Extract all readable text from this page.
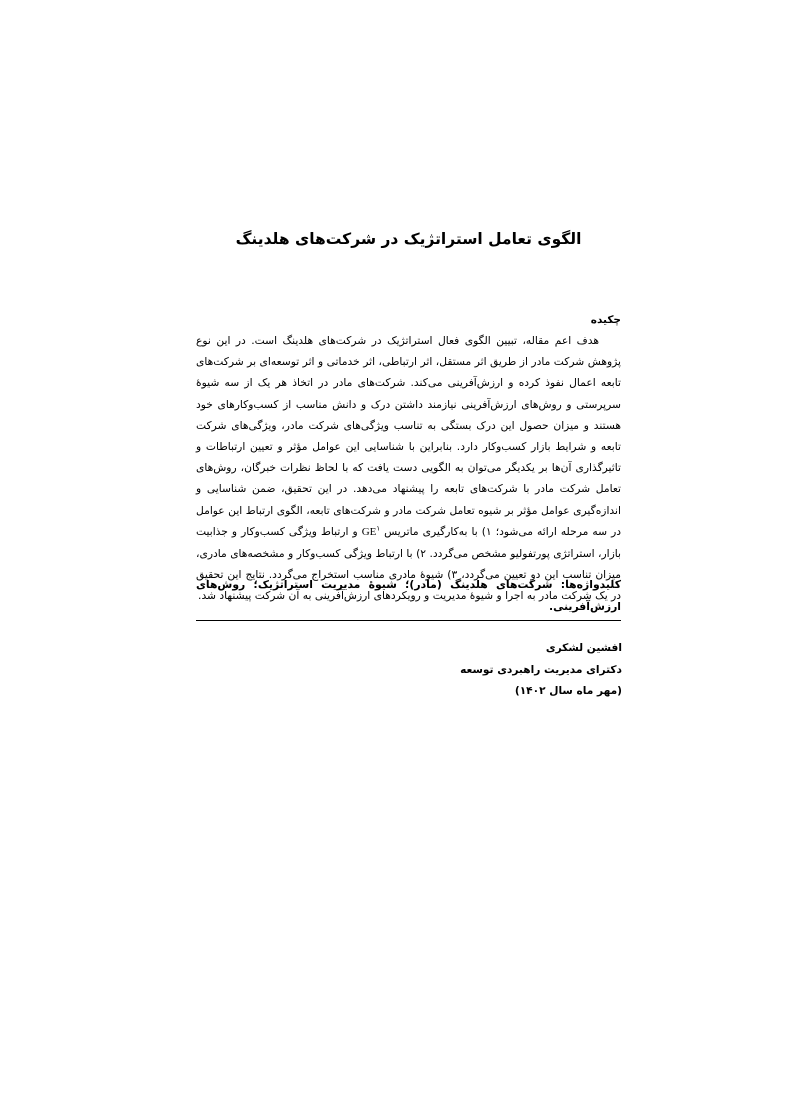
الگوی تعامل استراتژیک در شرکت‌های هلدینگ
چکیده

هدف اعم مقاله، تبیین الگوی فعال استراتژیک در شرکت‌های هلدینگ است. در این نوع پژوهش شرکت مادر از طریق اثر مستقل، اثر ارتباطی، اثر خدماتی و اثر توسعه‌ای بر شرکت‌های تابعه اعمال نفوذ کرده و ارزش‌آفرینی می‌کند. شرکت‌های مادر در اتخاذ هر یک از سه شیوهٔ سرپرستی و روش‌های ارزش‌آفرینی نیازمند داشتن درک و دانش مناسب از کسب‌وکارهای خود هستند و میزان حصول این درک بستگی به تناسب ویژگی‌های شرکت مادر، ویژگی‌های شرکت تابعه و شرایط بازار کسب‌وکار دارد. بنابراین با شناسایی این عوامل مؤثر و تعیین ارتباطات و تاثیرگذاری آن‌ها بر یکدیگر می‌توان به الگویی دست یافت که با لحاظ نظرات خبرگان، روش‌های تعامل شرکت مادر با شرکت‌های تابعه را پیشنهاد می‌دهد. در این تحقیق، ضمن شناسایی و اندازه‌گیری عوامل مؤثر بر شیوه تعامل شرکت مادر و شرکت‌های تابعه، الگوی ارتباط این عوامل در سه مرحله ارائه می‌شود؛ ۱) با به‌کارگیری ماتریس $GE^۱$ و ارتباط ویژگی کسب‌وکار و جذابیت بازار، استراتژی پورتفولیو مشخص می‌گردد. ۲) با ارتباط ویژگی کسب‌وکار و مشخصه‌های مادری، میزان تناسب این دو تعیین می‌گردد، ۳) شیوهٔ مادری مناسب استخراج می‌گردد. نتایج این تحقیق در یک شرکت مادر به اجرا و شیوهٔ مدیریت و رویکردهای ارزش‌آفرینی به آن شرکت پیشنهاد شد.

کلیدواژه‌ها: شرکت‌های هلدینگ (مادر)؛ شیوهٔ مدیریت استراتژیک؛ روش‌های ارزش‌آفرینی.

افشین لشکری
دکترای مدیریت راهبردی توسعه
(مهر ماه سال ۱۴۰۲)
